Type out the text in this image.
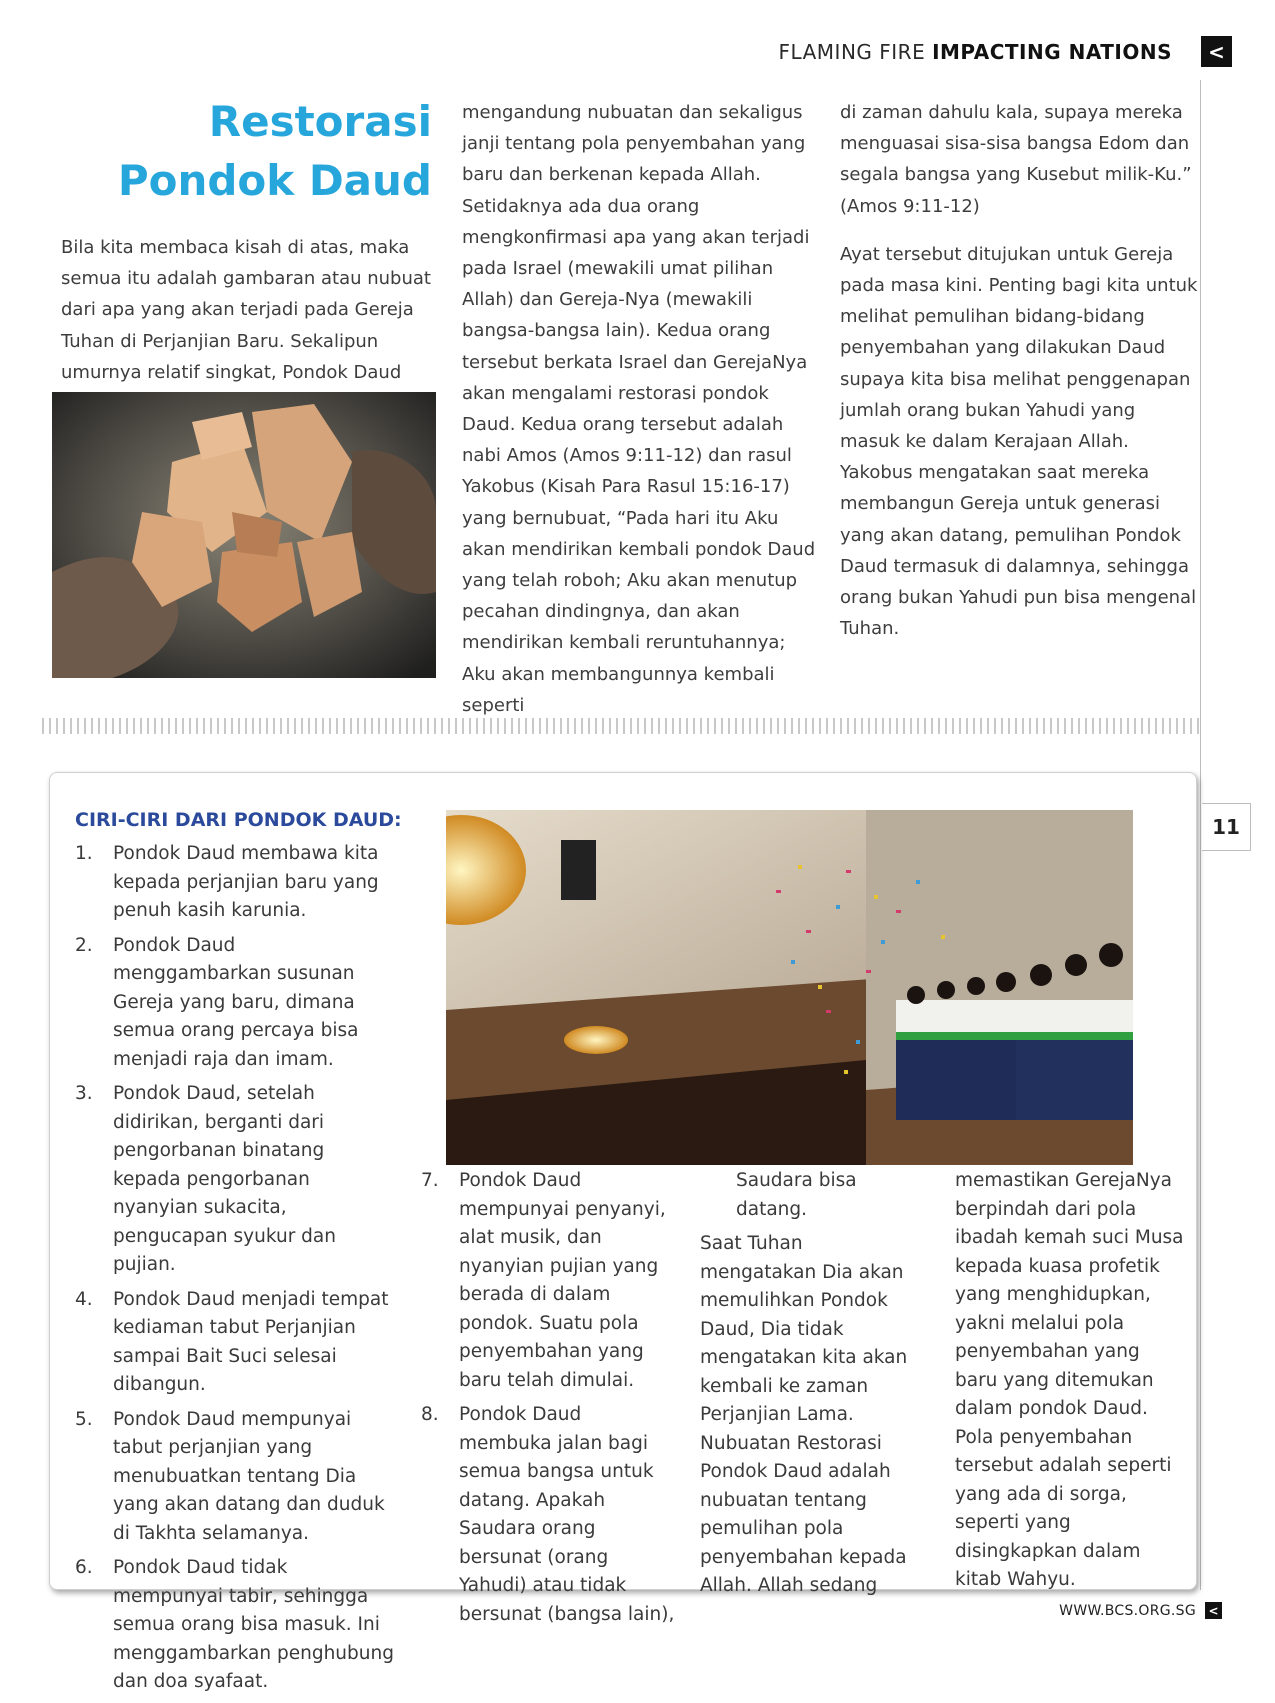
FLAMING FIRE IMPACTING NATIONS	<
Restorasi
Pondok Daud
Bila kita membaca kisah di atas, maka semua itu adalah gambaran atau nubuat dari apa yang akan terjadi pada Gereja Tuhan di Perjanjian Baru. Sekalipun umurnya relatif singkat, Pondok Daud
mengandung nubuatan dan sekaligus janji tentang pola penyembahan yang baru dan berkenan kepada Allah. Setidaknya ada dua orang mengkonfirmasi apa yang akan terjadi pada Israel (mewakili umat pilihan Allah) dan Gereja-Nya (mewakili bangsa-bangsa lain). Kedua orang tersebut berkata Israel dan GerejaNya akan mengalami restorasi pondok Daud. Kedua orang tersebut adalah nabi Amos (Amos 9:11-12) dan rasul Yakobus (Kisah Para Rasul 15:16-17) yang bernubuat, “Pada hari itu Aku akan mendirikan kembali pondok Daud yang telah roboh; Aku akan menutup pecahan dindingnya, dan akan mendirikan kembali reruntuhannya; Aku akan membangunnya kembali seperti
di zaman dahulu kala, supaya mereka menguasai sisa-sisa bangsa Edom dan segala bangsa yang Kusebut milik-Ku.” (Amos 9:11-12)
Ayat tersebut ditujukan untuk Gereja pada masa kini. Penting bagi kita untuk melihat pemulihan bidang-bidang penyembahan yang dilakukan Daud supaya kita bisa melihat penggenapan jumlah orang bukan Yahudi yang masuk ke dalam Kerajaan Allah. Yakobus mengatakan saat mereka membangun Gereja untuk generasi yang akan datang, pemulihan Pondok Daud termasuk di dalamnya, sehingga orang bukan Yahudi pun bisa mengenal Tuhan.
CIRI-CIRI DARI PONDOK DAUD:
1.	Pondok Daud membawa kita kepada perjanjian baru yang penuh kasih karunia.
2.	Pondok Daud menggambarkan susunan Gereja yang baru, dimana semua orang percaya bisa menjadi raja dan imam.
3.	Pondok Daud, setelah didirikan, berganti dari pengorbanan binatang kepada pengorbanan nyanyian sukacita, pengucapan syukur dan pujian.
4.	Pondok Daud menjadi tempat kediaman tabut Perjanjian sampai Bait Suci selesai dibangun.
5.	Pondok Daud mempunyai tabut perjanjian yang menubuatkan tentang Dia yang akan datang dan duduk di Takhta selamanya.
6.	Pondok Daud tidak mempunyai tabir, sehingga semua orang bisa masuk. Ini menggambarkan penghubung dan doa syafaat.
7.	Pondok Daud mempunyai penyanyi, alat musik, dan nyanyian pujian yang berada di dalam pondok. Suatu pola penyembahan yang baru telah dimulai.
8.	Pondok Daud membuka jalan bagi semua bangsa untuk datang. Apakah Saudara orang bersunat (orang Yahudi) atau tidak bersunat (bangsa lain),
Saudara bisa datang.
Saat Tuhan mengatakan Dia akan memulihkan Pondok Daud, Dia tidak mengatakan kita akan kembali ke zaman Perjanjian Lama. Nubuatan Restorasi Pondok Daud adalah nubuatan tentang pemulihan pola penyembahan kepada Allah. Allah sedang
memastikan GerejaNya berpindah dari pola ibadah kemah suci Musa kepada kuasa profetik yang menghidupkan, yakni melalui pola penyembahan yang baru yang ditemukan dalam pondok Daud. Pola penyembahan tersebut adalah seperti yang ada di sorga, seperti yang disingkapkan dalam kitab Wahyu.
11
WWW.BCS.ORG.SG <
